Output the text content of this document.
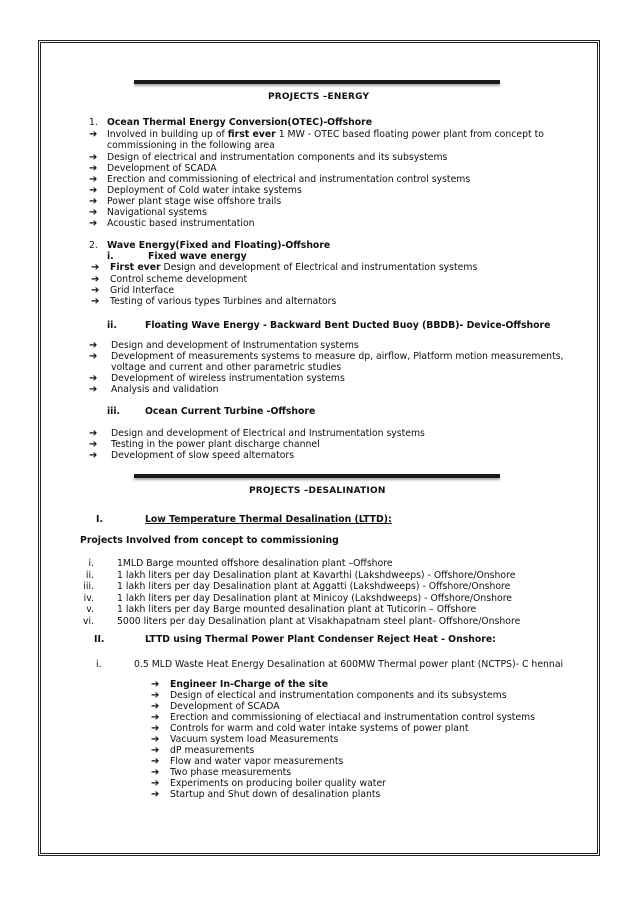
PROJECTS –ENERGY
1. Ocean Thermal Energy Conversion(OTEC)-Offshore
➔ Involved in building up of first ever 1 MW - OTEC based floating power plant from concept to
commissioning in the following area
➔ Design of electrical and instrumentation components and its subsystems
➔ Development of SCADA
➔ Erection and commissioning of electrical and instrumentation control systems
➔ Deployment of Cold water intake systems
➔ Power plant stage wise offshore trails
➔ Navigational systems
➔ Acoustic based instrumentation
2. Wave Energy(Fixed and Floating)-Offshore
i.	Fixed wave energy
➔ First ever Design and development of Electrical and instrumentation systems
➔ Control scheme development
➔ Grid Interface
➔ Testing of various types Turbines and alternators
ii.	Floating Wave Energy - Backward Bent Ducted Buoy (BBDB)- Device-Offshore
➔ Design and development of Instrumentation systems
➔ Development of measurements systems to measure dp, airflow, Platform motion measurements,
voltage and current and other parametric studies
➔ Development of wireless instrumentation systems
➔ Analysis and validation
iii.	Ocean Current Turbine -Offshore
➔ Design and development of Electrical and Instrumentation systems
➔ Testing in the power plant discharge channel
➔ Development of slow speed alternators
PROJECTS –DESALINATION
I.	Low Temperature Thermal Desalination (LTTD):
Projects Involved from concept to commissioning
i. 1MLD Barge mounted offshore desalination plant –Offshore
ii. 1 lakh liters per day Desalination plant at Kavarthi (Lakshdweeps) - Offshore/Onshore
iii. 1 lakh liters per day Desalination plant at Aggatti (Lakshdweeps) - Offshore/Onshore
iv. 1 lakh liters per day Desalination plant at Minicoy (Lakshdweeps) - Offshore/Onshore
v. 1 lakh liters per day Barge mounted desalination plant at Tuticorin – Offshore
vi. 5000 liters per day Desalination plant at Visakhapatnam steel plant- Offshore/Onshore
II.	LTTD using Thermal Power Plant Condenser Reject Heat - Onshore:
i.	0.5 MLD Waste Heat Energy Desalination at 600MW Thermal power plant (NCTPS)- C hennai
➔ Engineer In-Charge of the site
➔ Design of electical and instrumentation components and its subsystems
➔ Development of SCADA
➔ Erection and commissioning of electiacal and instrumentation control systems
➔ Controls for warm and cold water intake systems of power plant
➔ Vacuum system load Measurements
➔ dP measurements
➔ Flow and water vapor measurements
➔ Two phase measurements
➔ Experiments on producing boiler quality water
➔ Startup and Shut down of desalination plants
